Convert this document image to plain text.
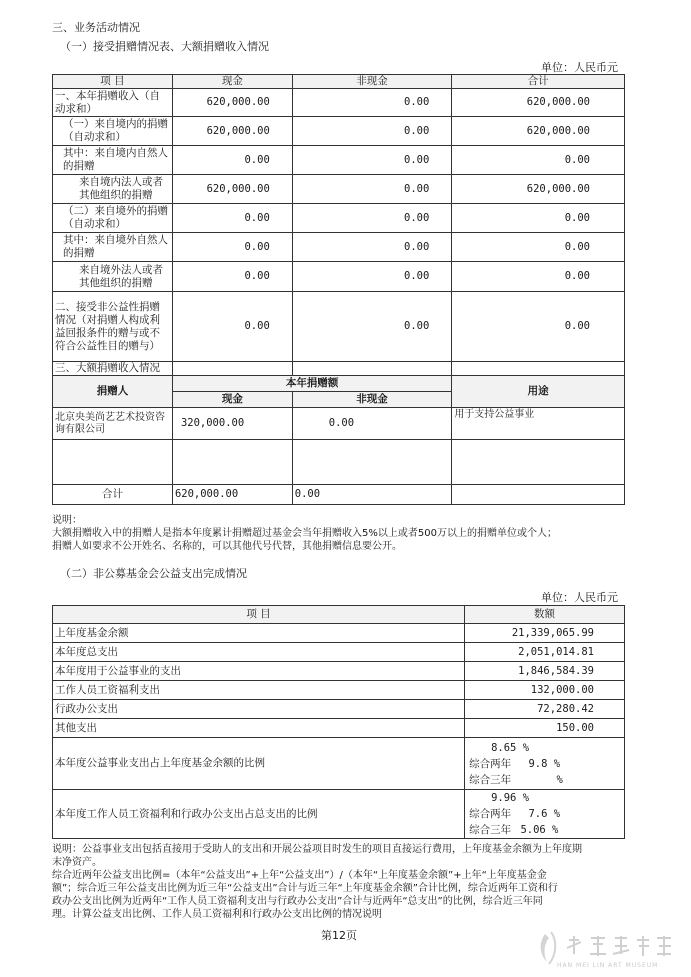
三、业务活动情况
（一）接受捐赠情况表、大额捐赠收入情况
单位：人民币元
项 目	现金	非现金	合计
一、本年捐赠收入（自动求和）	620,000.00	0.00	620,000.00
（一）来自境内的捐赠（自动求和）	620,000.00	0.00	620,000.00
其中：来自境内自然人的捐赠	0.00	0.00	0.00
来自境内法人或者其他组织的捐赠	620,000.00	0.00	620,000.00
（二）来自境外的捐赠（自动求和）	0.00	0.00	0.00
其中：来自境外自然人的捐赠	0.00	0.00	0.00
来自境外法人或者其他组织的捐赠	0.00	0.00	0.00
二、接受非公益性捐赠情况（对捐赠人构成利益回报条件的赠与或不符合公益性目的赠与）	0.00	0.00	0.00
三、大额捐赠收入情况			
捐赠人	本年捐赠额		用途
	现金	非现金	
北京央美尚艺艺术投资咨询有限公司	320,000.00	0.00	用于支持公益事业

合计	620,000.00	0.00	
说明：
大额捐赠收入中的捐赠人是指本年度累计捐赠超过基金会当年捐赠收入5%以上或者500万以上的捐赠单位或个人；
捐赠人如要求不公开姓名、名称的，可以其他代号代替，其他捐赠信息要公开。
（二）非公募基金会公益支出完成情况
单位：人民币元
项 目	数额
上年度基金余额	21,339,065.99
本年度总支出	2,051,014.81
本年度用于公益事业的支出	1,846,584.39
工作人员工资福利支出	132,000.00
行政办公支出	72,280.42
其他支出	150.00
本年度公益事业支出占上年度基金余额的比例	8.65 %
综合两年 9.8 %
综合三年 %

本年度工作人员工资福利和行政办公支出占总支出的比例	9.96 %
综合两年 7.6 %
综合三年 5.06 %
说明：公益事业支出包括直接用于受助人的支出和开展公益项目时发生的项目直接运行费用，上年度基金余额为上年度期
末净资产。
综合近两年公益支出比例=（本年“公益支出”+上年“公益支出”）/（本年“上年度基金余额”+上年“上年度基金金
额”；综合近三年公益支出比例为近三年“公益支出”合计与近三年“上年度基金余额”合计比例，综合近两年工资和行
政办公支出比例为近两年“工作人员工资福利支出与行政办公支出”合计与近两年“总支出”的比例，综合近三年同
理。计算公益支出比例、工作人员工资福利和行政办公支出比例的情况说明
第12页
HAN MEI LIN ART MUSEUM
